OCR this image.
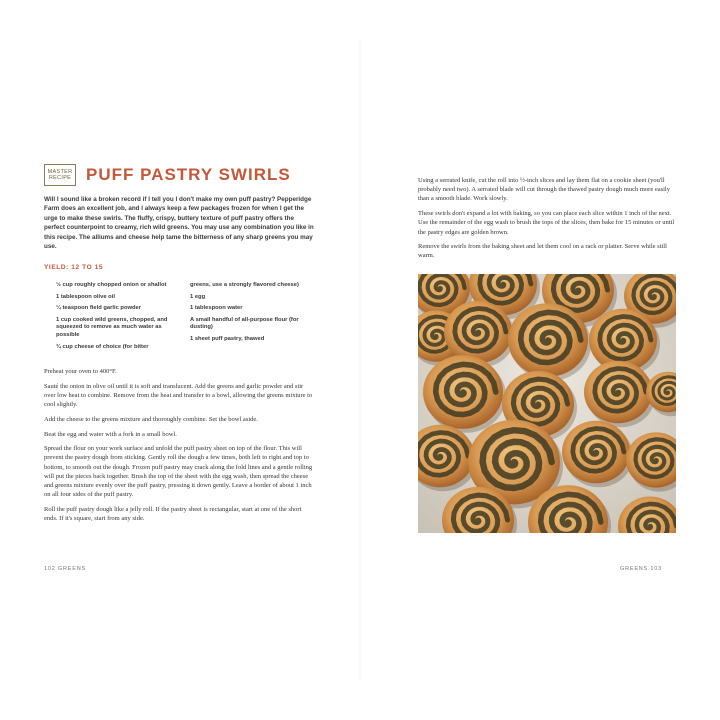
MASTER
RECIPE PUFF PASTRY SWIRLS
Will I sound like a broken record if I tell you I don't make my own puff pastry? Pepperidge Farm does an excellent job, and I always keep a few packages frozen for when I get the urge to make these swirls. The fluffy, crispy, buttery texture of puff pastry offers the perfect counterpoint to creamy, rich wild greens. You may use any combination you like in this recipe. The alliums and cheese help tame the bitterness of any sharp greens you may use.
YIELD: 12 TO 15
½ cup roughly chopped onion or shallot
1 tablespoon olive oil
¼ teaspoon field garlic powder
1 cup cooked wild greens, chopped, and squeezed to remove as much water as possible
¾ cup cheese of choice (for bitter
greens, use a strongly flavored cheese)
1 egg
1 tablespoon water
A small handful of all-purpose flour (for dusting)
1 sheet puff pastry, thawed

Preheat your oven to 400°F.

Sauté the onion in olive oil until it is soft and translucent. Add the greens and garlic powder and stir over low heat to combine. Remove from the heat and transfer to a bowl, allowing the greens mixture to cool slightly.

Add the cheese to the greens mixture and thoroughly combine. Set the bowl aside.

Beat the egg and water with a fork in a small bowl.

Spread the flour on your work surface and unfold the puff pastry sheet on top of the flour. This will prevent the pastry dough from sticking. Gently roll the dough a few times, both left to right and top to bottom, to smooth out the dough. Frozen puff pastry may crack along the fold lines and a gentle rolling will put the pieces back together. Brush the top of the sheet with the egg wash, then spread the cheese and greens mixture evenly over the puff pastry, pressing it down gently. Leave a border of about 1 inch on all four sides of the puff pastry.

Roll the puff pastry dough like a jelly roll. If the pastry sheet is rectangular, start at one of the short ends. If it's square, start from any side.

102 GREENS

Using a serrated knife, cut the roll into ½-inch slices and lay them flat on a cookie sheet (you'll probably need two). A serrated blade will cut through the thawed pastry dough much more easily than a smooth blade. Work slowly.

These swirls don't expand a lot with baking, so you can place each slice within 1 inch of the next. Use the remainder of the egg wash to brush the tops of the slices, then bake for 15 minutes or until the pastry edges are golden brown.

Remove the swirls from the baking sheet and let them cool on a rack or platter. Serve while still warm.

GREENS 103
